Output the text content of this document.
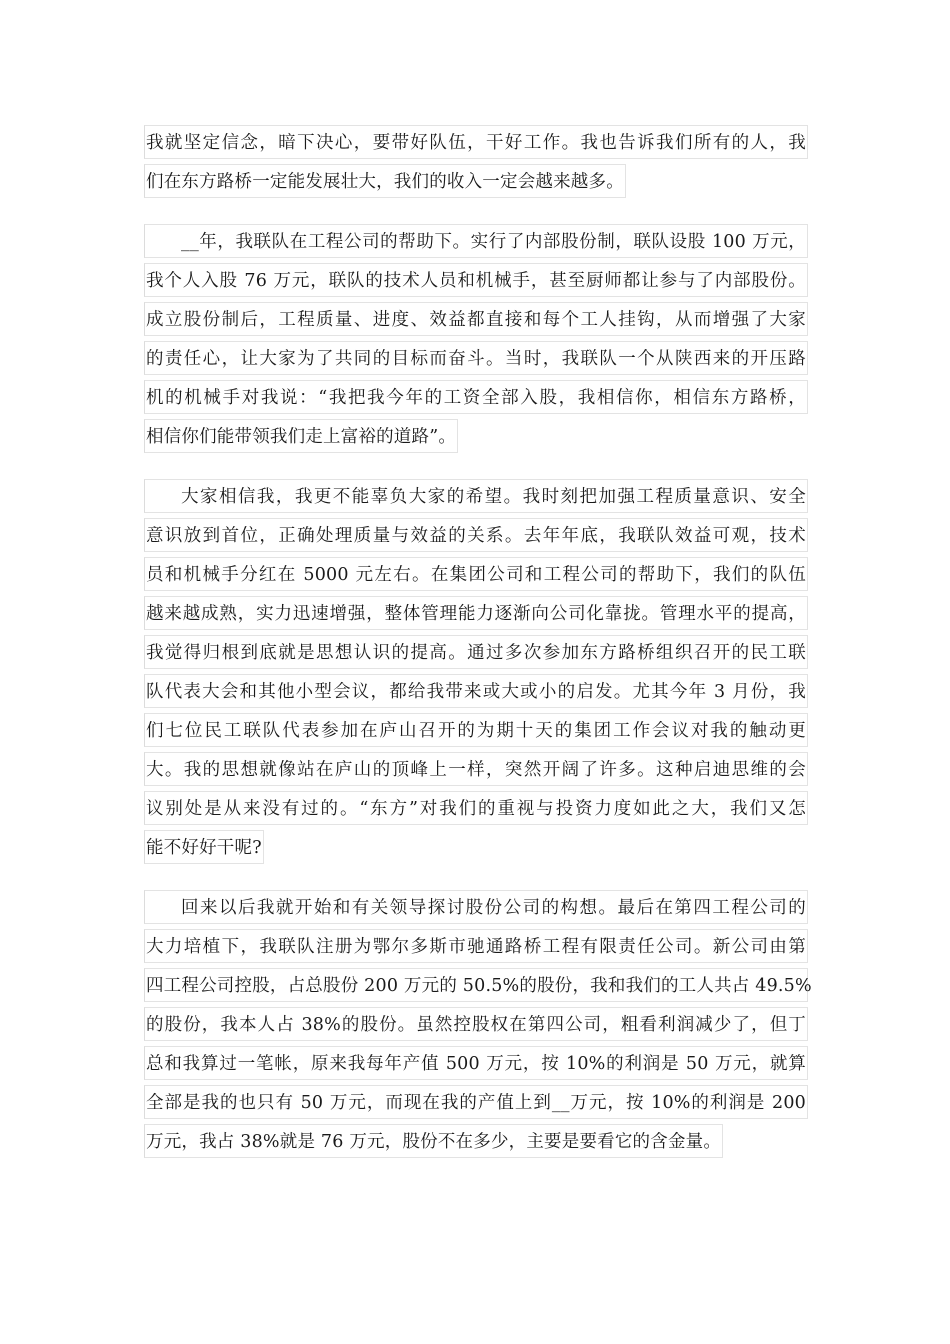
我就坚定信念，暗下决心，要带好队伍，干好工作。我也告诉我们所有的人，我
们在东方路桥一定能发展壮大，我们的收入一定会越来越多。
__年，我联队在工程公司的帮助下。实行了内部股份制，联队设股 100 万元，
我个人入股 76 万元，联队的技术人员和机械手，甚至厨师都让参与了内部股份。
成立股份制后，工程质量、进度、效益都直接和每个工人挂钩，从而增强了大家
的责任心，让大家为了共同的目标而奋斗。当时，我联队一个从陕西来的开压路
机的机械手对我说：“我把我今年的工资全部入股，我相信你，相信东方路桥，
相信你们能带领我们走上富裕的道路”。
大家相信我，我更不能辜负大家的希望。我时刻把加强工程质量意识、安全
意识放到首位，正确处理质量与效益的关系。去年年底，我联队效益可观，技术
员和机械手分红在 5000 元左右。在集团公司和工程公司的帮助下，我们的队伍
越来越成熟，实力迅速增强，整体管理能力逐渐向公司化靠拢。管理水平的提高，
我觉得归根到底就是思想认识的提高。通过多次参加东方路桥组织召开的民工联
队代表大会和其他小型会议，都给我带来或大或小的启发。尤其今年 3 月份，我
们七位民工联队代表参加在庐山召开的为期十天的集团工作会议对我的触动更
大。我的思想就像站在庐山的顶峰上一样，突然开阔了许多。这种启迪思维的会
议别处是从来没有过的。“东方”对我们的重视与投资力度如此之大，我们又怎
能不好好干呢?
回来以后我就开始和有关领导探讨股份公司的构想。最后在第四工程公司的
大力培植下，我联队注册为鄂尔多斯市驰通路桥工程有限责任公司。新公司由第
四工程公司控股，占总股份 200 万元的 50.5%的股份，我和我们的工人共占 49.5%
的股份，我本人占 38%的股份。虽然控股权在第四公司，粗看利润减少了，但丁
总和我算过一笔帐，原来我每年产值 500 万元，按 10%的利润是 50 万元，就算
全部是我的也只有 50 万元，而现在我的产值上到__万元，按 10%的利润是 200
万元，我占 38%就是 76 万元，股份不在多少，主要是要看它的含金量。
